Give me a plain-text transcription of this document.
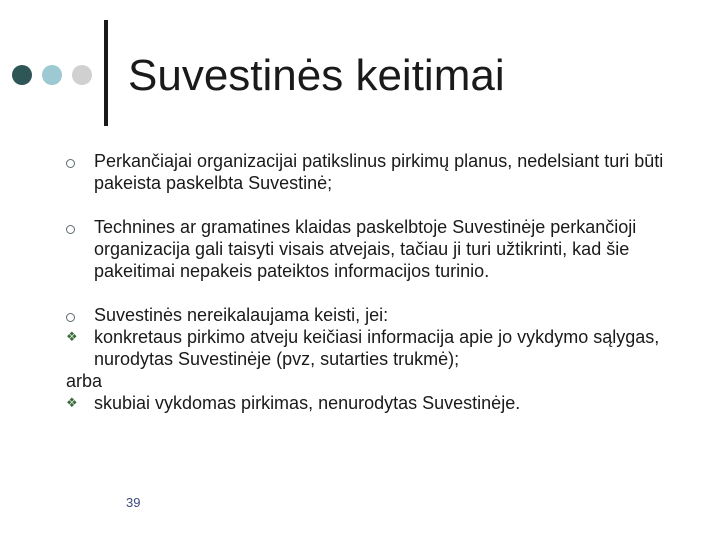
Suvestinės keitimai
Perkančiajai organizacijai patikslinus pirkimų planus, nedelsiant turi būti pakeista paskelbta Suvestinė;
Technines ar gramatines klaidas paskelbtoje Suvestinėje perkančioji organizacija gali taisyti visais atvejais, tačiau ji turi užtikrinti, kad šie pakeitimai nepakeis pateiktos informacijos turinio.
Suvestinės nereikalaujama keisti, jei:
❖ konkretaus pirkimo atveju keičiasi informacija apie jo vykdymo sąlygas, nurodytas Suvestinėje (pvz, sutarties trukmė);
arba
❖ skubiai vykdomas pirkimas, nenurodytas Suvestinėje.
39
